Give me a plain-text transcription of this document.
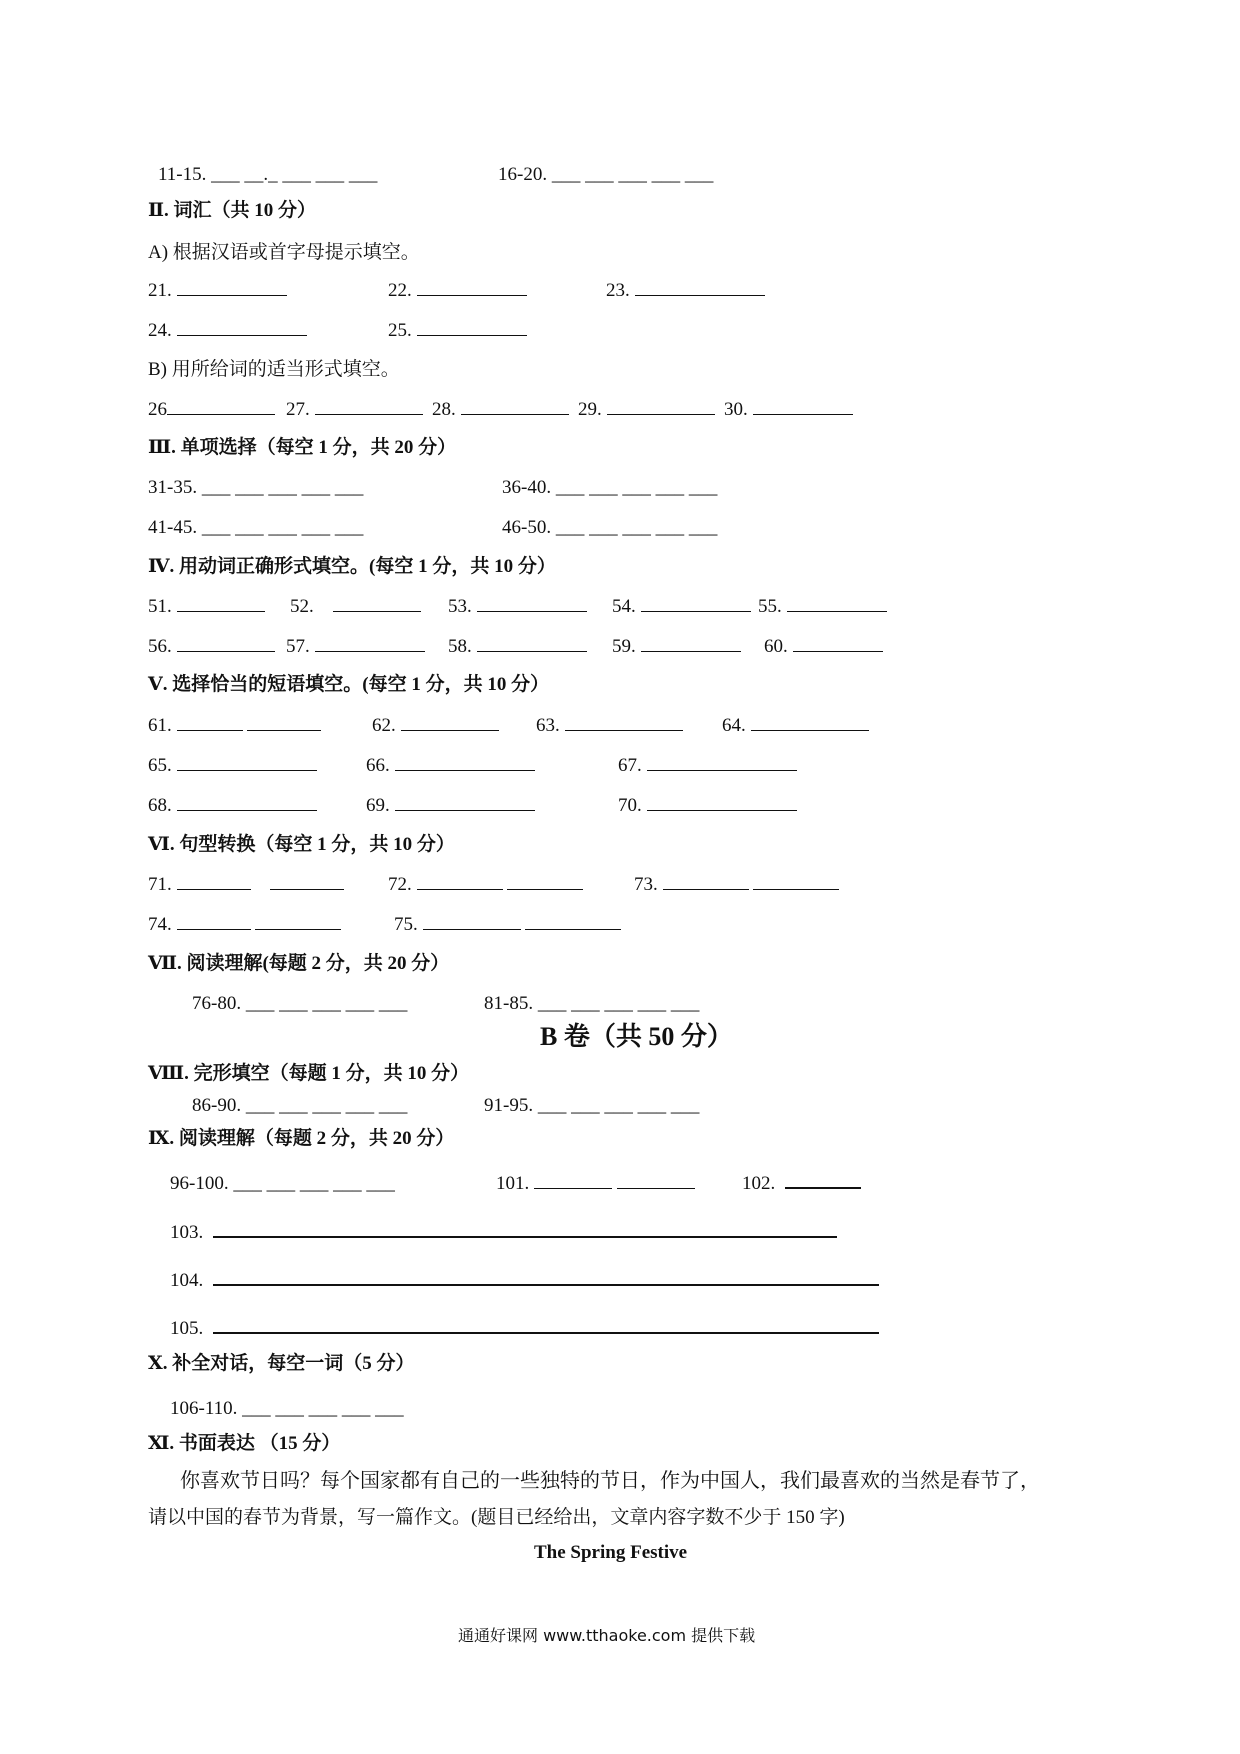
11-15. ___ __._ ___ ___ ___	16-20. ___ ___ ___ ___ ___
Ⅱ. 词汇（共 10 分）
A) 根据汉语或首字母提示填空。
21.	22.	23.
24.	25.
B) 用所给词的适当形式填空。
26	27.	28.	29.	30.
Ⅲ. 单项选择（每空 1 分，共 20 分）
31-35. ___ ___ ___ ___ ___	36-40. ___ ___ ___ ___ ___
41-45. ___ ___ ___ ___ ___	46-50. ___ ___ ___ ___ ___
Ⅳ. 用动词正确形式填空。(每空 1 分，共 10 分）
51.	52.	53.	54.	55.
56.	57.	58.	59.	60.
Ⅴ. 选择恰当的短语填空。(每空 1 分，共 10 分）
61.	62.	63.	64.
65.	66.	67.
68.	69.	70.
Ⅵ. 句型转换（每空 1 分，共 10 分）
71.	72.	73.
74.	75.
Ⅶ. 阅读理解(每题 2 分，共 20 分）
76-80. ___ ___ ___ ___ ___	81-85. ___ ___ ___ ___ ___
B 卷（共 50 分）
Ⅷ. 完形填空（每题 1 分，共 10 分）
86-90. ___ ___ ___ ___ ___	91-95. ___ ___ ___ ___ ___
Ⅸ. 阅读理解（每题 2 分，共 20 分）
96-100. ___ ___ ___ ___ ___	101.	102.
103.
104.
105.
Ⅹ. 补全对话，每空一词（5 分）
106-110. ___ ___ ___ ___ ___
Ⅺ. 书面表达 （15 分）
你喜欢节日吗？每个国家都有自己的一些独特的节日，作为中国人，我们最喜欢的当然是春节了，
请以中国的春节为背景，写一篇作文。(题目已经给出，文章内容字数不少于 150 字)
The Spring Festive
通通好课网 www.tthaoke.com 提供下载
